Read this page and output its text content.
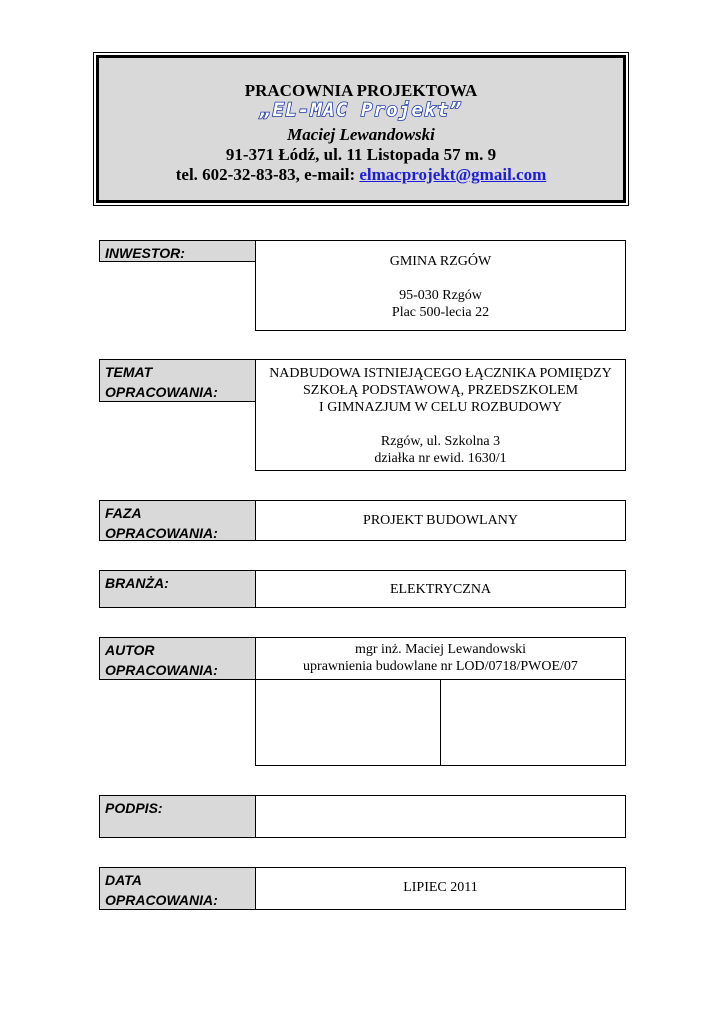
PRACOWNIA PROJEKTOWA
„EL-MAC Projekt”
Maciej Lewandowski
91-371 Łódź, ul. 11 Listopada 57 m. 9
tel. 602-32-83-83, e-mail: elmacprojekt@gmail.com
INWESTOR:
GMINA RZGÓW
95-030 Rzgów
Plac 500-lecia 22
TEMAT
OPRACOWANIA:
NADBUDOWA ISTNIEJĄCEGO ŁĄCZNIKA POMIĘDZY
SZKOŁĄ PODSTAWOWĄ, PRZEDSZKOLEM
I GIMNAZJUM W CELU ROZBUDOWY
Rzgów, ul. Szkolna 3
działka nr ewid. 1630/1
FAZA
OPRACOWANIA:
PROJEKT BUDOWLANY
BRANŻA:	ELEKTRYCZNA
AUTOR
OPRACOWANIA:
mgr inż. Maciej Lewandowski
uprawnienia budowlane nr LOD/0718/PWOE/07
PODPIS:
DATA
OPRACOWANIA:
LIPIEC 2011
